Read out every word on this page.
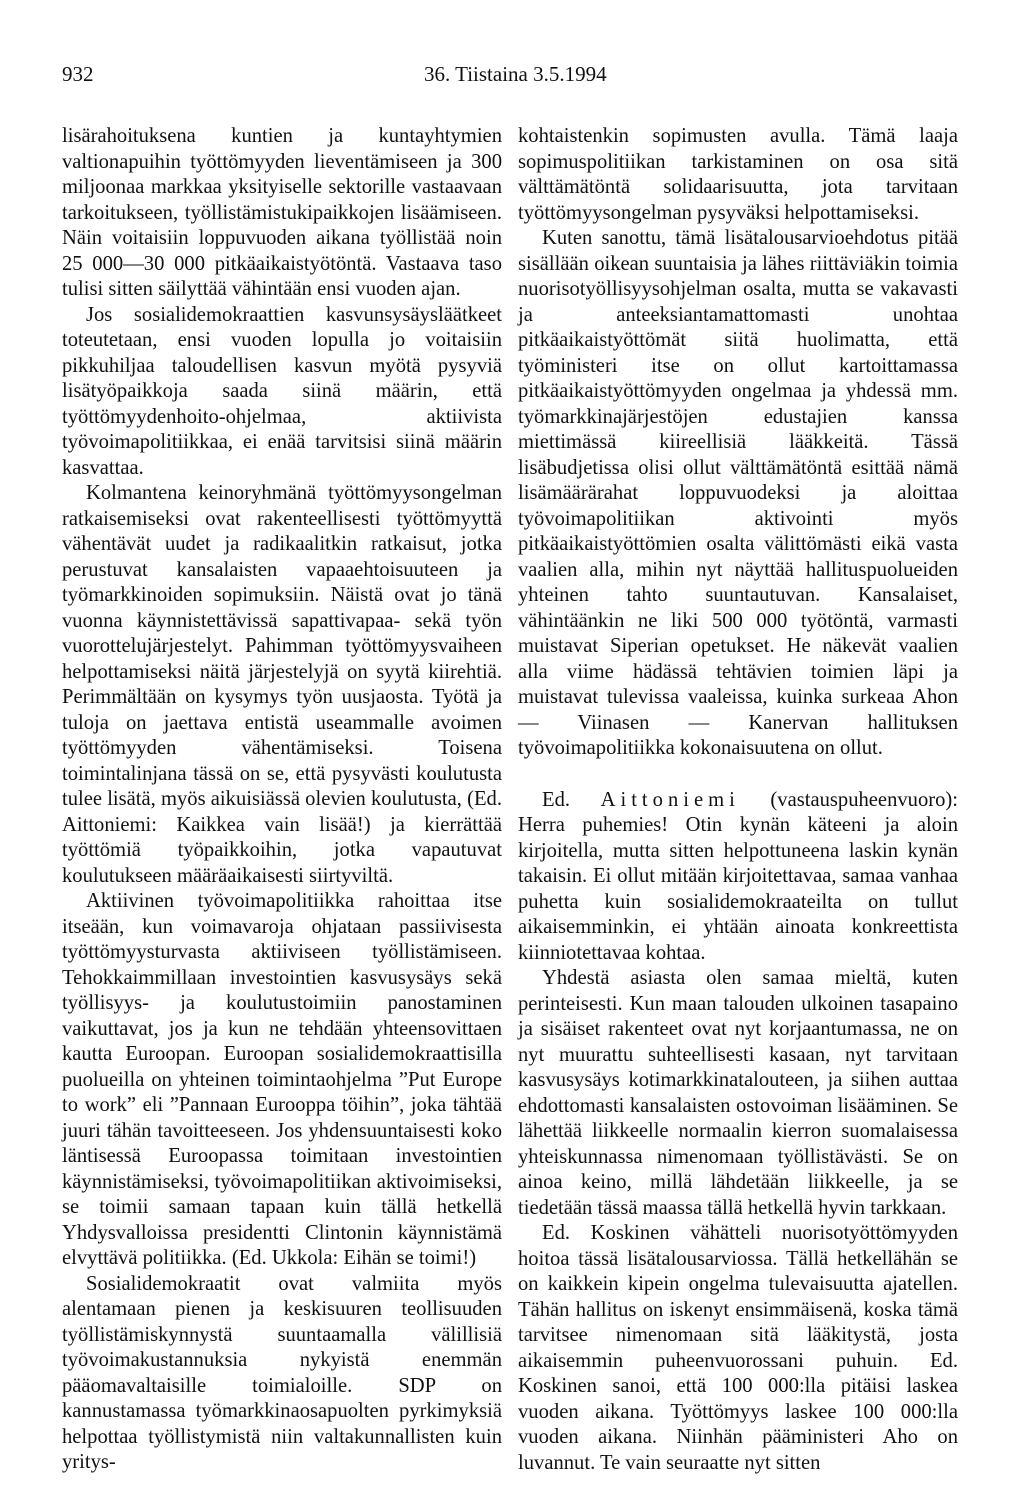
932	36. Tiistaina 3.5.1994

lisärahoituksena kuntien ja kuntayhtymien valtionapuihin työttömyyden lieventämiseen ja 300 miljoonaa markkaa yksityiselle sektorille vastaavaan tarkoitukseen, työllistämistukipaikkojen lisäämiseen. Näin voitaisiin loppuvuoden aikana työllistää noin 25 000—30 000 pitkäaikaistyötöntä. Vastaava taso tulisi sitten säilyttää vähintään ensi vuoden ajan.

Jos sosialidemokraattien kasvunsysäysläätkeet toteutetaan, ensi vuoden lopulla jo voitaisiin pikkuhiljaa taloudellisen kasvun myötä pysyviä lisätyöpaikkoja saada siinä määrin, että työttömyydenhoito-ohjelmaa, aktiivista työvoimapolitiikkaa, ei enää tarvitsisi siinä määrin kasvattaa.

Kolmantena keinoryhmänä työttömyysongelman ratkaisemiseksi ovat rakenteellisesti työttömyyttä vähentävät uudet ja radikaalitkin ratkaisut, jotka perustuvat kansalaisten vapaaehtoisuuteen ja työmarkkinoiden sopimuksiin. Näistä ovat jo tänä vuonna käynnistettävissä sapattivapaa- sekä työn vuorottelujärjestelyt. Pahimman työttömyysvaiheen helpottamiseksi näitä järjestelyjä on syytä kiirehtiä. Perimmältään on kysymys työn uusjaosta. Työtä ja tuloja on jaettava entistä useammalle avoimen työttömyyden vähentämiseksi. Toisena toimintalinjana tässä on se, että pysyvästi koulutusta tulee lisätä, myös aikuisiässä olevien koulutusta, (Ed. Aittoniemi: Kaikkea vain lisää!) ja kierrättää työttömiä työpaikkoihin, jotka vapautuvat koulutukseen määräaikaisesti siirtyviltä.

Aktiivinen työvoimapolitiikka rahoittaa itse itseään, kun voimavaroja ohjataan passiivisesta työttömyysturvasta aktiiviseen työllistämiseen. Tehokkaimmillaan investointien kasvusysäys sekä työllisyys- ja koulutustoimiin panostaminen vaikuttavat, jos ja kun ne tehdään yhteensovittaen kautta Euroopan. Euroopan sosialidemokraattisilla puolueilla on yhteinen toimintaohjelma ”Put Europe to work” eli ”Pannaan Eurooppa töihin”, joka tähtää juuri tähän tavoitteeseen. Jos yhdensuuntaisesti koko läntisessä Euroopassa toimitaan investointien käynnistämiseksi, työvoimapolitiikan aktivoimiseksi, se toimii samaan tapaan kuin tällä hetkellä Yhdysvalloissa presidentti Clintonin käynnistämä elvyttävä politiikka. (Ed. Ukkola: Eihän se toimi!)

Sosialidemokraatit ovat valmiita myös alentamaan pienen ja keskisuuren teollisuuden työllistämiskynnystä suuntaamalla välillisiä työvoimakustannuksia nykyistä enemmän pääomavaltaisille toimialoille. SDP on kannustamassa työmarkkinaosapuolten pyrkimyksiä helpottaa työllistymistä niin valtakunnallisten kuin yritys-

kohtaistenkin sopimusten avulla. Tämä laaja sopimuspolitiikan tarkistaminen on osa sitä välttämätöntä solidaarisuutta, jota tarvitaan työttömyysongelman pysyväksi helpottamiseksi.

Kuten sanottu, tämä lisätalousarvioehdotus pitää sisällään oikean suuntaisia ja lähes riittäviäkin toimia nuorisotyöllisyysohjelman osalta, mutta se vakavasti ja anteeksiantamattomasti unohtaa pitkäaikaistyöttömät siitä huolimatta, että työministeri itse on ollut kartoittamassa pitkäaikaistyöttömyyden ongelmaa ja yhdessä mm. työmarkkinajärjestöjen edustajien kanssa miettimässä kiireellisiä lääkkeitä. Tässä lisäbudjetissa olisi ollut välttämätöntä esittää nämä lisämäärärahat loppuvuodeksi ja aloittaa työvoimapolitiikan aktivointi myös pitkäaikaistyöttömien osalta välittömästi eikä vasta vaalien alla, mihin nyt näyttää hallituspuolueiden yhteinen tahto suuntautuvan. Kansalaiset, vähintäänkin ne liki 500 000 työtöntä, varmasti muistavat Siperian opetukset. He näkevät vaalien alla viime hädässä tehtävien toimien läpi ja muistavat tulevissa vaaleissa, kuinka surkeaa Ahon — Viinasen — Kanervan hallituksen työvoimapolitiikka kokonaisuutena on ollut.

Ed. Aittoniemi (vastauspuheenvuoro): Herra puhemies! Otin kynän käteeni ja aloin kirjoitella, mutta sitten helpottuneena laskin kynän takaisin. Ei ollut mitään kirjoitettavaa, samaa vanhaa puhetta kuin sosialidemokraateilta on tullut aikaisemminkin, ei yhtään ainoata konkreettista kiinniotettavaa kohtaa.

Yhdestä asiasta olen samaa mieltä, kuten perinteisesti. Kun maan talouden ulkoinen tasapaino ja sisäiset rakenteet ovat nyt korjaantumassa, ne on nyt muurattu suhteellisesti kasaan, nyt tarvitaan kasvusysäys kotimarkkinatalouteen, ja siihen auttaa ehdottomasti kansalaisten ostovoiman lisääminen. Se lähettää liikkeelle normaalin kierron suomalaisessa yhteiskunnassa nimenomaan työllistävästi. Se on ainoa keino, millä lähdetään liikkeelle, ja se tiedetään tässä maassa tällä hetkellä hyvin tarkkaan.

Ed. Koskinen vähätteli nuorisotyöttömyyden hoitoa tässä lisätalousarviossa. Tällä hetkellähän se on kaikkein kipein ongelma tulevaisuutta ajatellen. Tähän hallitus on iskenyt ensimmäisenä, koska tämä tarvitsee nimenomaan sitä lääkitystä, josta aikaisemmin puheenvuorossani puhuin. Ed. Koskinen sanoi, että 100 000:lla pitäisi laskea vuoden aikana. Työttömyys laskee 100 000:lla vuoden aikana. Niinhän pääministeri Aho on luvannut. Te vain seuraatte nyt sitten
